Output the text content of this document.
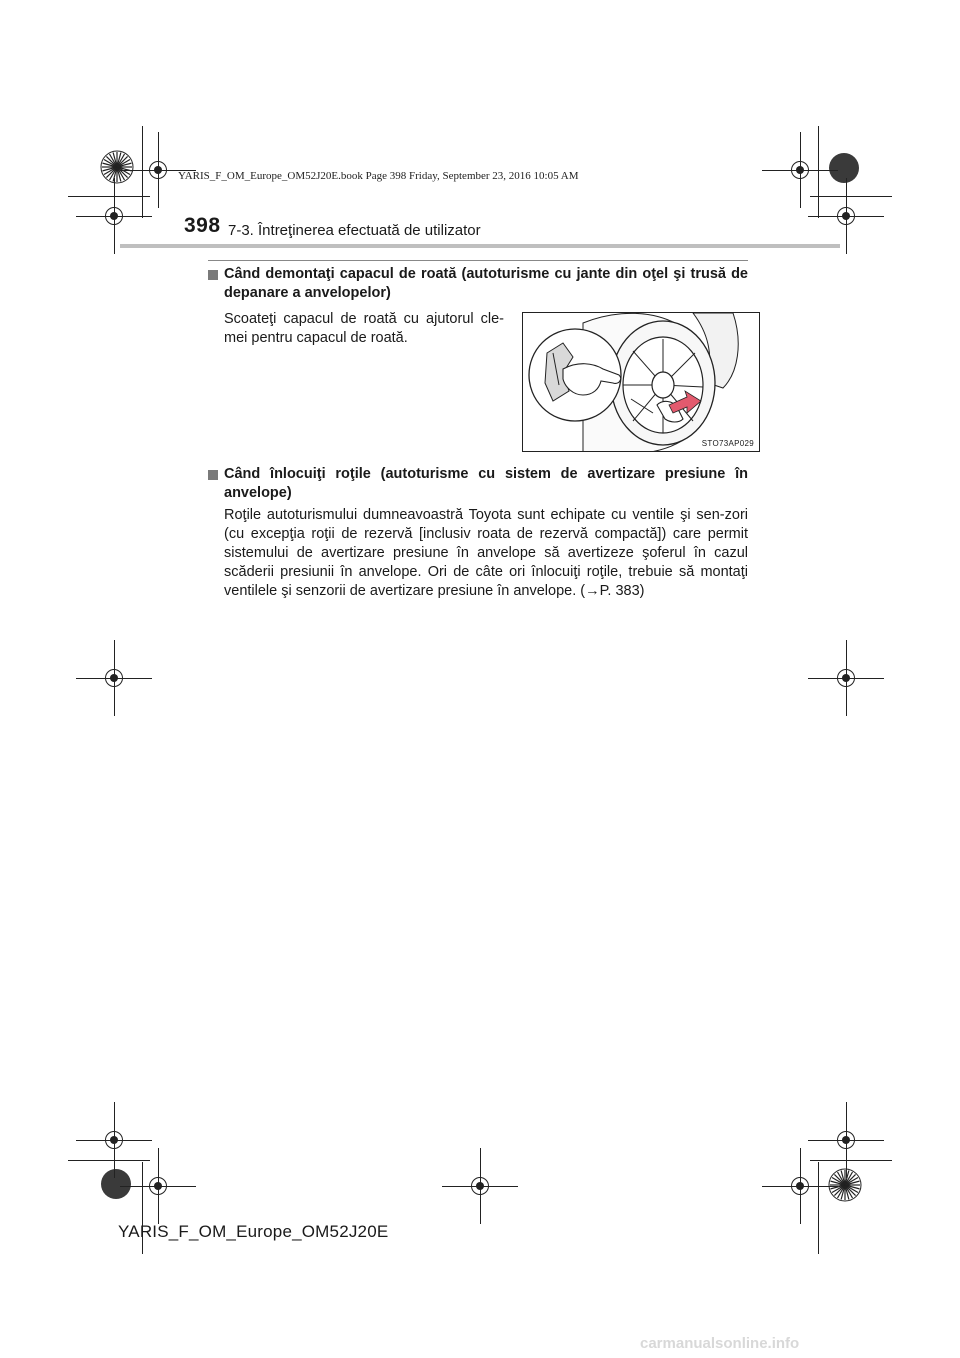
YARIS_F_OM_Europe_OM52J20E.book Page 398 Friday, September 23, 2016 10:05 AM
398 7-3. Întreţinerea efectuată de utilizator
Când demontaţi capacul de roată (autoturisme cu jante din oţel şi trusă de depanare a anvelopelor)
Scoateţi capacul de roată cu ajutorul cle-mei pentru capacul de roată.
STO73AP029
Când înlocuiţi roţile (autoturisme cu sistem de avertizare presiune în anvelope)
Roţile autoturismului dumneavoastră Toyota sunt echipate cu ventile şi sen-zori (cu excepţia roţii de rezervă [inclusiv roata de rezervă compactă]) care permit sistemului de avertizare presiune în anvelope să avertizeze şoferul în cazul scăderii presiunii în anvelope. Ori de câte ori înlocuiţi roţile, trebuie să montaţi ventilele şi senzorii de avertizare presiune în anvelope. (→P. 383)
YARIS_F_OM_Europe_OM52J20E
carmanualsonline.info
